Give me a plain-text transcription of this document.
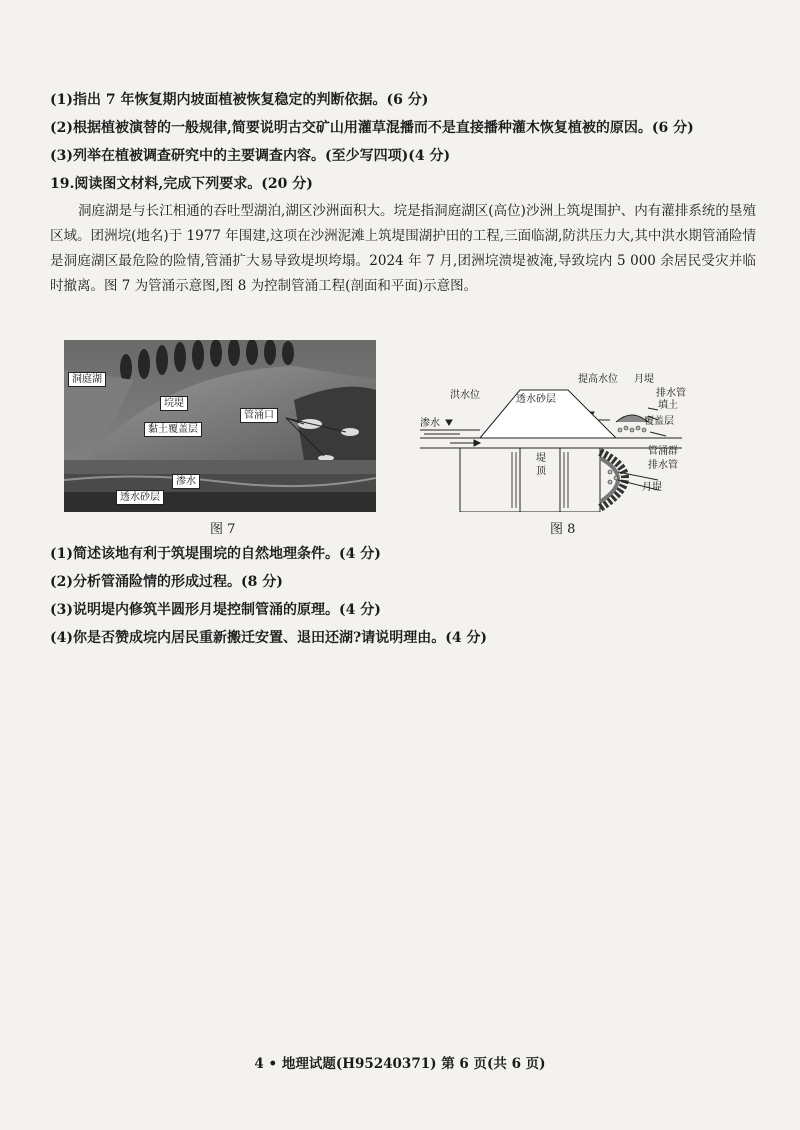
(1)指出 7 年恢复期内坡面植被恢复稳定的判断依据。(6 分)
(2)根据植被演替的一般规律,简要说明古交矿山用灌草混播而不是直接播种灌木恢复植被的原因。(6 分)
(3)列举在植被调查研究中的主要调查内容。(至少写四项)(4 分)
19.阅读图文材料,完成下列要求。(20 分)
洞庭湖是与长江相通的吞吐型湖泊,湖区沙洲面积大。垸是指洞庭湖区(高位)沙洲上筑堤围护、内有灌排系统的垦殖区域。团洲垸(地名)于 1977 年围建,这项在沙洲泥滩上筑堤围湖护田的工程,三面临湖,防洪压力大,其中洪水期管涌险情是洞庭湖区最危险的险情,管涌扩大易导致堤坝垮塌。2024 年 7 月,团洲垸溃堤被淹,导致垸内 5 000 余居民受灾并临时撤离。图 7 为管涌示意图,图 8 为控制管涌工程(剖面和平面)示意图。
洞庭湖
垸堤
黏土覆盖层
管涌口
渗水
透水砂层
图 7
洪水位
提高水位 月堤
排水管
填土
透水砂层
渗水	覆盖层
堤顶
管涌群
排水管
月堤
图 8
(1)简述该地有利于筑堤围垸的自然地理条件。(4 分)
(2)分析管涌险情的形成过程。(8 分)
(3)说明堤内修筑半圆形月堤控制管涌的原理。(4 分)
(4)你是否赞成垸内居民重新搬迁安置、退田还湖?请说明理由。(4 分)
4 • 地理试题(H95240371) 第 6 页(共 6 页)
